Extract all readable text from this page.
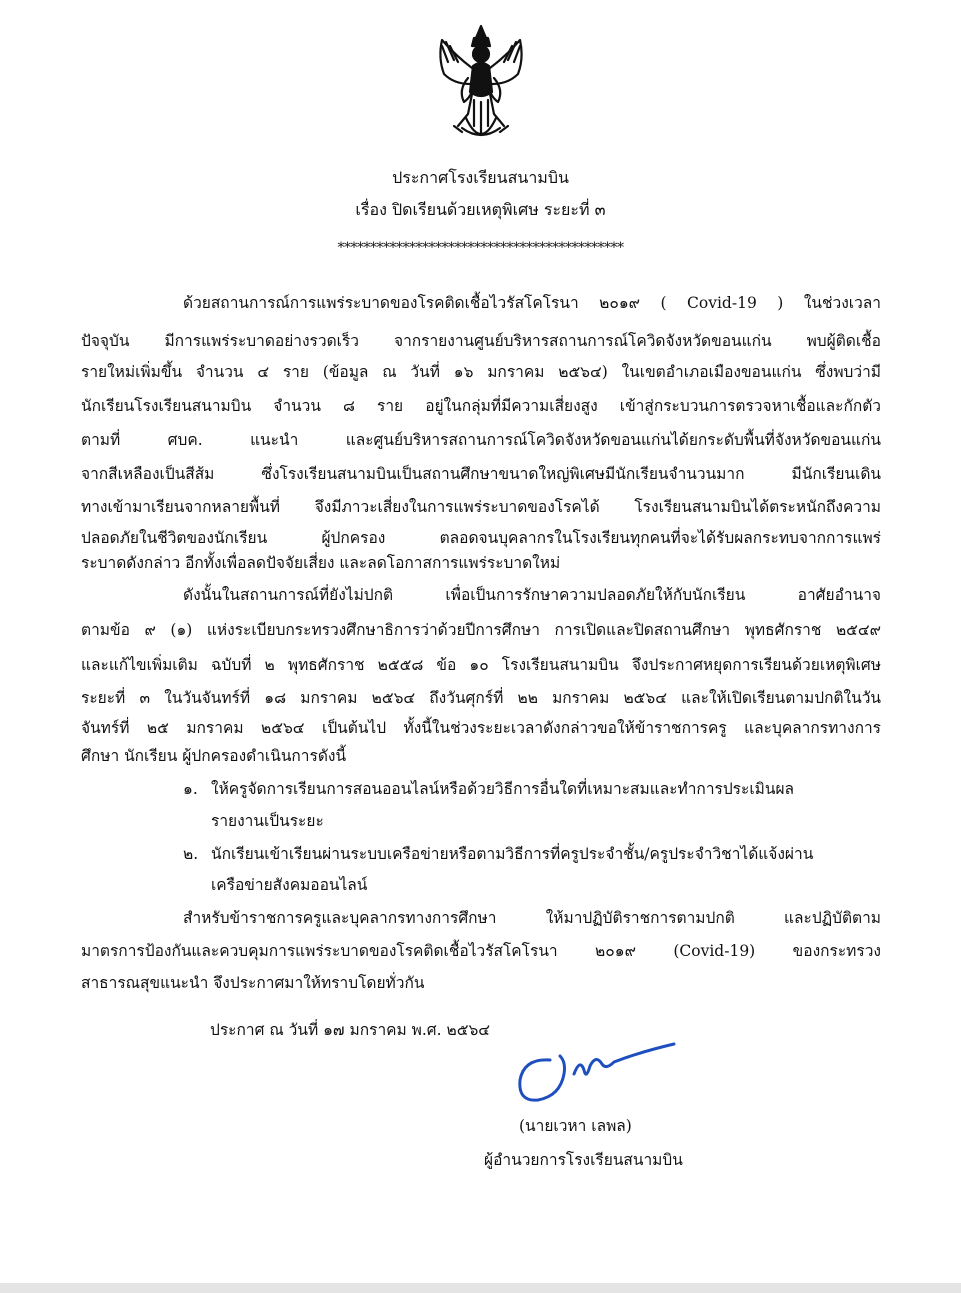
ประกาศโรงเรียนสนามบิน
เรื่อง ปิดเรียนด้วยเหตุพิเศษ ระยะที่ ๓
********************************************
ด้วยสถานการณ์การแพร่ระบาดของโรคติดเชื้อไวรัสโคโรนา ๒๐๑๙ ( Covid-19 ) ในช่วงเวลา
ปัจจุบัน มีการแพร่ระบาดอย่างรวดเร็ว จากรายงานศูนย์บริหารสถานการณ์โควิดจังหวัดขอนแก่น พบผู้ติดเชื้อ
รายใหม่เพิ่มขึ้น จำนวน ๔ ราย (ข้อมูล ณ วันที่ ๑๖ มกราคม ๒๕๖๔) ในเขตอำเภอเมืองขอนแก่น ซึ่งพบว่ามี
นักเรียนโรงเรียนสนามบิน จำนวน ๘ ราย อยู่ในกลุ่มที่มีความเสี่ยงสูง เข้าสู่กระบวนการตรวจหาเชื้อและกักตัว
ตามที่ ศบค. แนะนำ และศูนย์บริหารสถานการณ์โควิดจังหวัดขอนแก่นได้ยกระดับพื้นที่จังหวัดขอนแก่น
จากสีเหลืองเป็นสีส้ม ซึ่งโรงเรียนสนามบินเป็นสถานศึกษาขนาดใหญ่พิเศษมีนักเรียนจำนวนมาก มีนักเรียนเดิน
ทางเข้ามาเรียนจากหลายพื้นที่ จึงมีภาวะเสี่ยงในการแพร่ระบาดของโรคได้ โรงเรียนสนามบินได้ตระหนักถึงความ
ปลอดภัยในชีวิตของนักเรียน ผู้ปกครอง ตลอดจนบุคลากรในโรงเรียนทุกคนที่จะได้รับผลกระทบจากการแพร่
ระบาดดังกล่าว อีกทั้งเพื่อลดปัจจัยเสี่ยง และลดโอกาสการแพร่ระบาดใหม่
ดังนั้นในสถานการณ์ที่ยังไม่ปกติ เพื่อเป็นการรักษาความปลอดภัยให้กับนักเรียน อาศัยอำนาจ
ตามข้อ ๙ (๑) แห่งระเบียบกระทรวงศึกษาธิการว่าด้วยปีการศึกษา การเปิดและปิดสถานศึกษา พุทธศักราช ๒๕๔๙
และแก้ไขเพิ่มเติม ฉบับที่ ๒ พุทธศักราช ๒๕๕๘ ข้อ ๑๐ โรงเรียนสนามบิน จึงประกาศหยุดการเรียนด้วยเหตุพิเศษ
ระยะที่ ๓ ในวันจันทร์ที่ ๑๘ มกราคม ๒๕๖๔ ถึงวันศุกร์ที่ ๒๒ มกราคม ๒๕๖๔ และให้เปิดเรียนตามปกติในวัน
จันทร์ที่ ๒๕ มกราคม ๒๕๖๔ เป็นต้นไป ทั้งนี้ในช่วงระยะเวลาดังกล่าวขอให้ข้าราชการครู และบุคลากรทางการ
ศึกษา นักเรียน ผู้ปกครองดำเนินการดังนี้
๑. ให้ครูจัดการเรียนการสอนออนไลน์หรือด้วยวิธีการอื่นใดที่เหมาะสมและทำการประเมินผล
รายงานเป็นระยะ
๒. นักเรียนเข้าเรียนผ่านระบบเครือข่ายหรือตามวิธีการที่ครูประจำชั้น/ครูประจำวิชาได้แจ้งผ่าน
เครือข่ายสังคมออนไลน์
สำหรับข้าราชการครูและบุคลากรทางการศึกษา ให้มาปฏิบัติราชการตามปกติ และปฏิบัติตาม
มาตรการป้องกันและควบคุมการแพร่ระบาดของโรคติดเชื้อไวรัสโคโรนา ๒๐๑๙ (Covid-19) ของกระทรวง
สาธารณสุขแนะนำ จึงประกาศมาให้ทราบโดยทั่วกัน
ประกาศ ณ วันที่ ๑๗ มกราคม พ.ศ. ๒๕๖๔
(นายเวหา เลพล)
ผู้อำนวยการโรงเรียนสนามบิน
